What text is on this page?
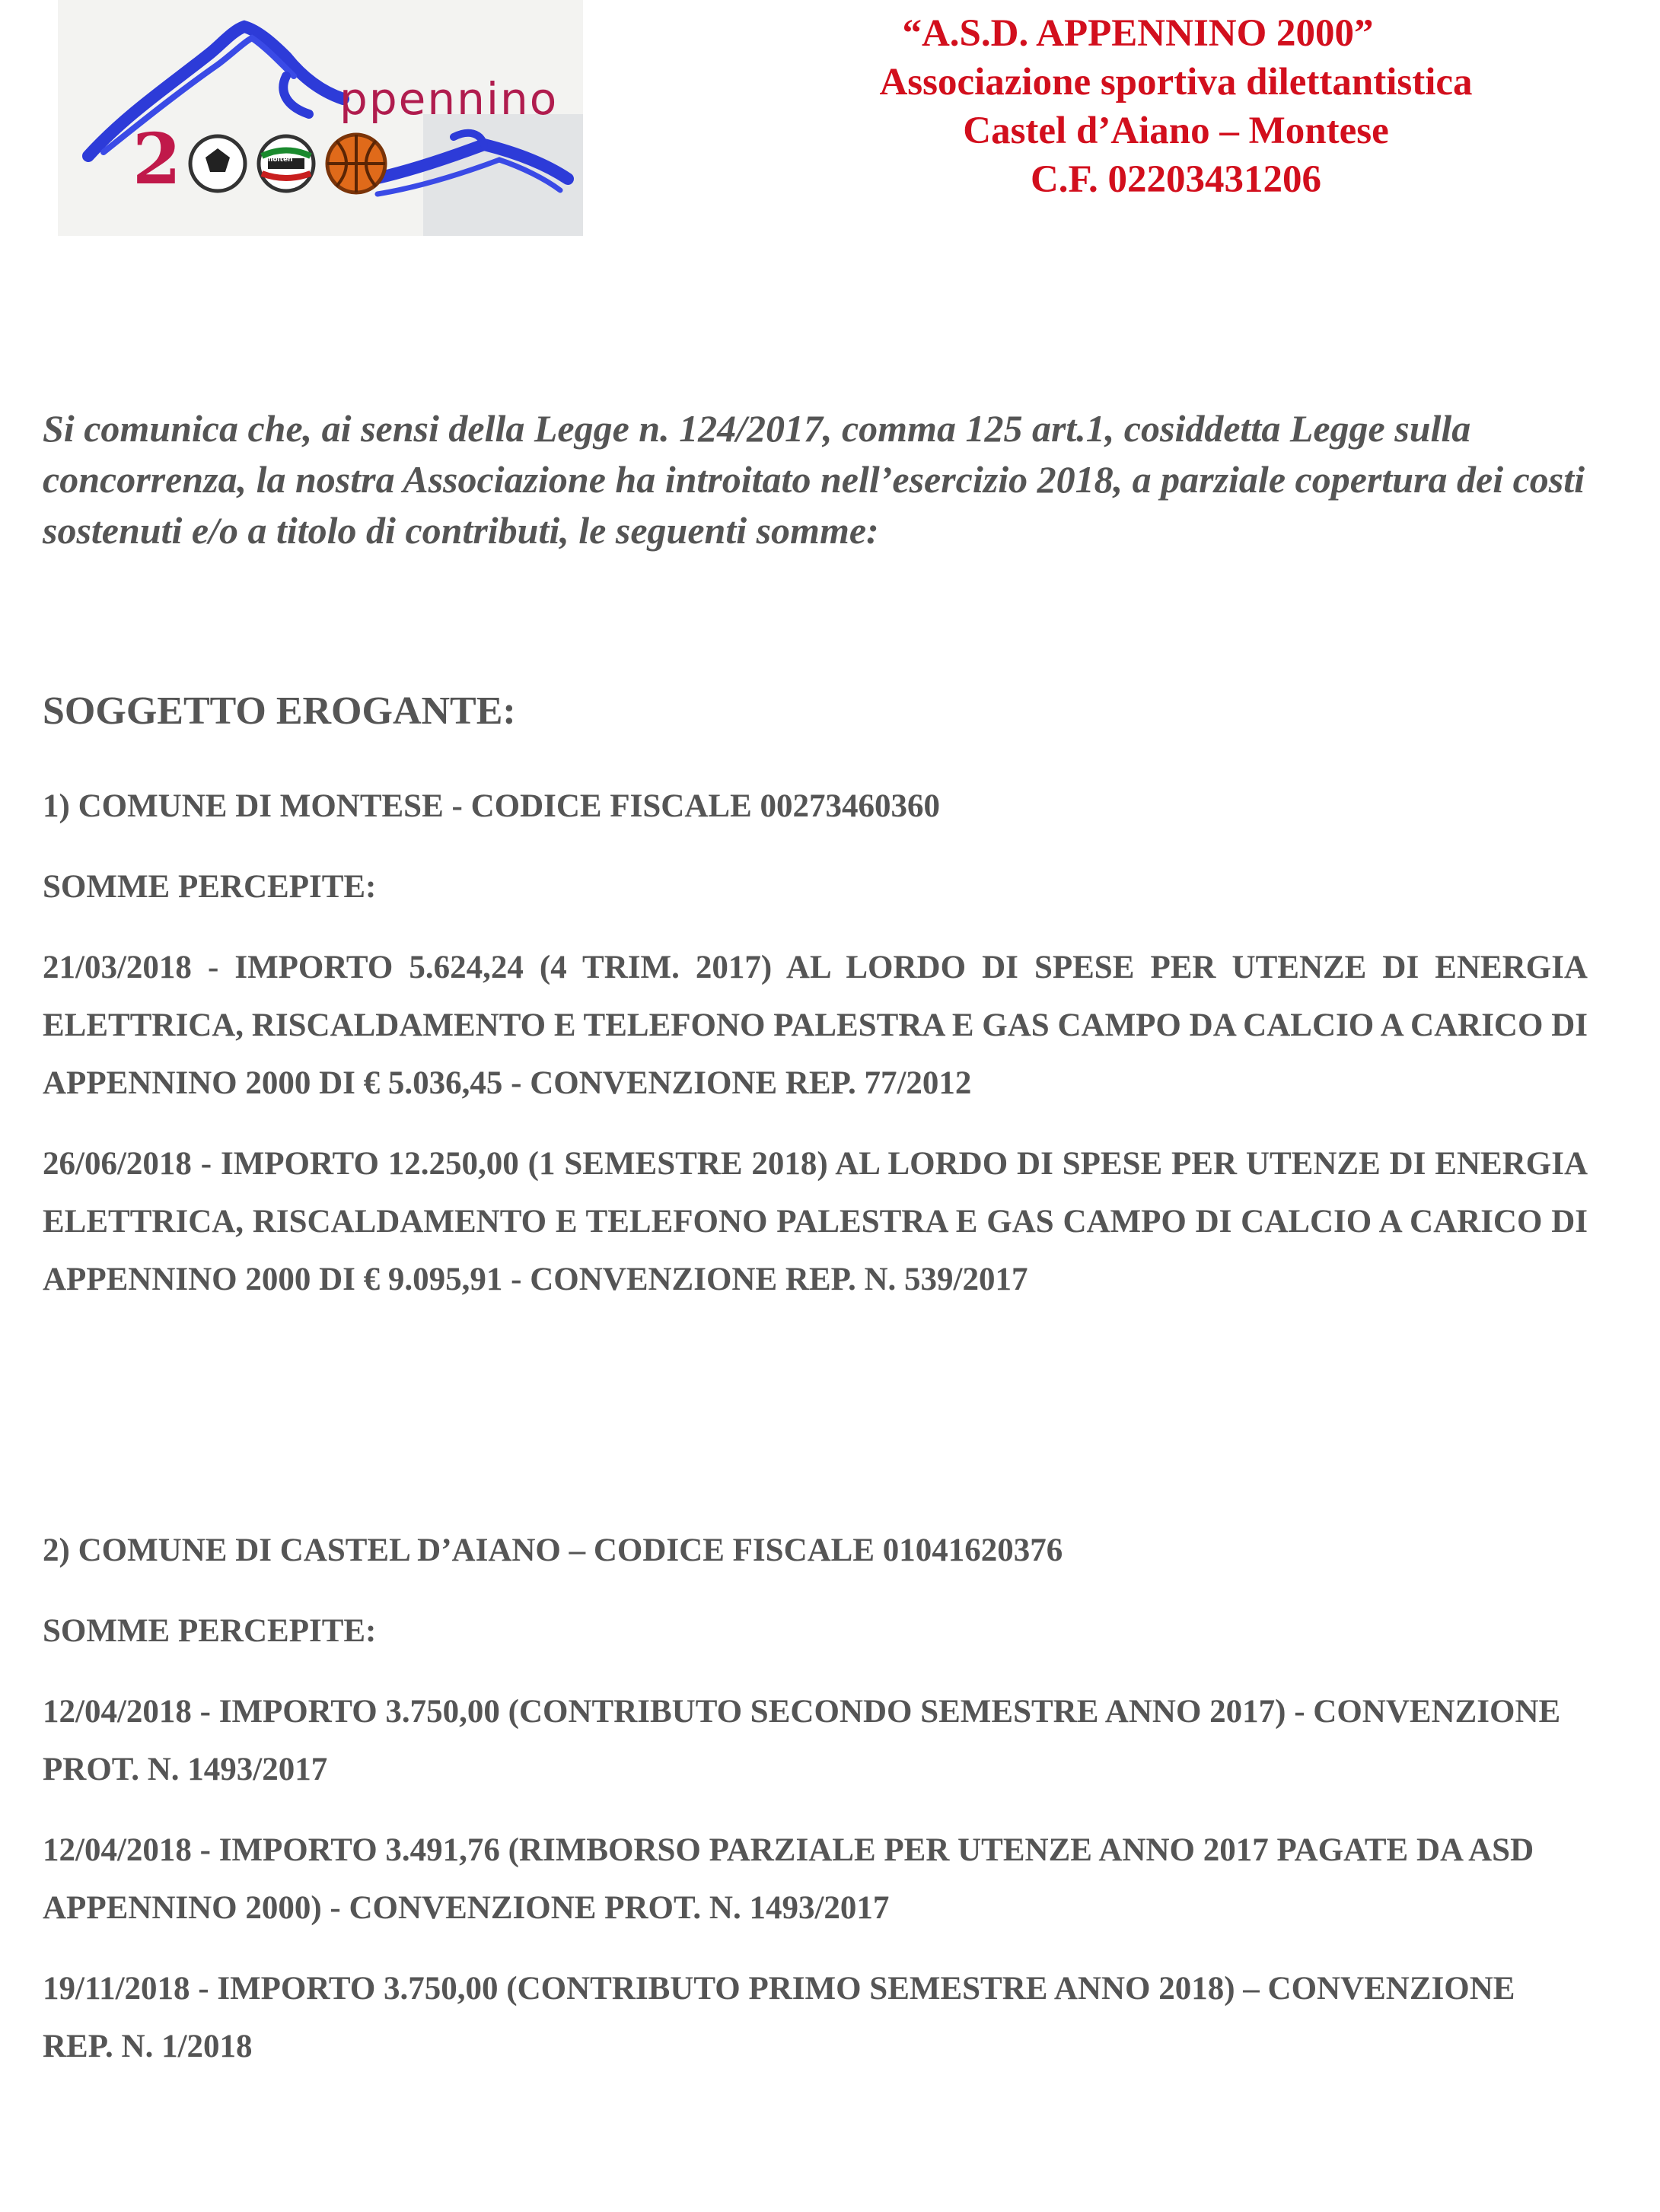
ppennino
2	molten
“A.S.D. APPENNINO 2000”
Associazione sportiva dilettantistica
Castel d’Aiano – Montese
C.F. 02203431206
Si comunica che, ai sensi della Legge n. 124/2017, comma 125 art.1, cosiddetta Legge sulla concorrenza, la nostra Associazione ha introitato nell’esercizio 2018, a parziale copertura dei costi sostenuti e/o a titolo di contributi, le seguenti somme:
SOGGETTO EROGANTE:

1) COMUNE DI MONTESE - CODICE FISCALE 00273460360

SOMME PERCEPITE:

21/03/2018 - IMPORTO 5.624,24 (4 TRIM. 2017) AL LORDO DI SPESE PER UTENZE DI ENERGIA ELETTRICA, RISCALDAMENTO E TELEFONO PALESTRA E GAS CAMPO DA CALCIO A CARICO DI APPENNINO 2000 DI € 5.036,45 - CONVENZIONE REP. 77/2012

26/06/2018 - IMPORTO 12.250,00 (1 SEMESTRE 2018) AL LORDO DI SPESE PER UTENZE DI ENERGIA ELETTRICA, RISCALDAMENTO E TELEFONO PALESTRA E GAS CAMPO DI CALCIO A CARICO DI APPENNINO 2000 DI € 9.095,91 - CONVENZIONE REP. N. 539/2017

2) COMUNE DI CASTEL D’AIANO – CODICE FISCALE 01041620376

SOMME PERCEPITE:

12/04/2018 - IMPORTO 3.750,00 (CONTRIBUTO SECONDO SEMESTRE ANNO 2017) - CONVENZIONE PROT. N. 1493/2017

12/04/2018 - IMPORTO 3.491,76 (RIMBORSO PARZIALE PER UTENZE ANNO 2017 PAGATE DA ASD APPENNINO 2000) - CONVENZIONE PROT. N. 1493/2017

19/11/2018 - IMPORTO 3.750,00 (CONTRIBUTO PRIMO SEMESTRE ANNO 2018) – CONVENZIONE REP. N. 1/2018
